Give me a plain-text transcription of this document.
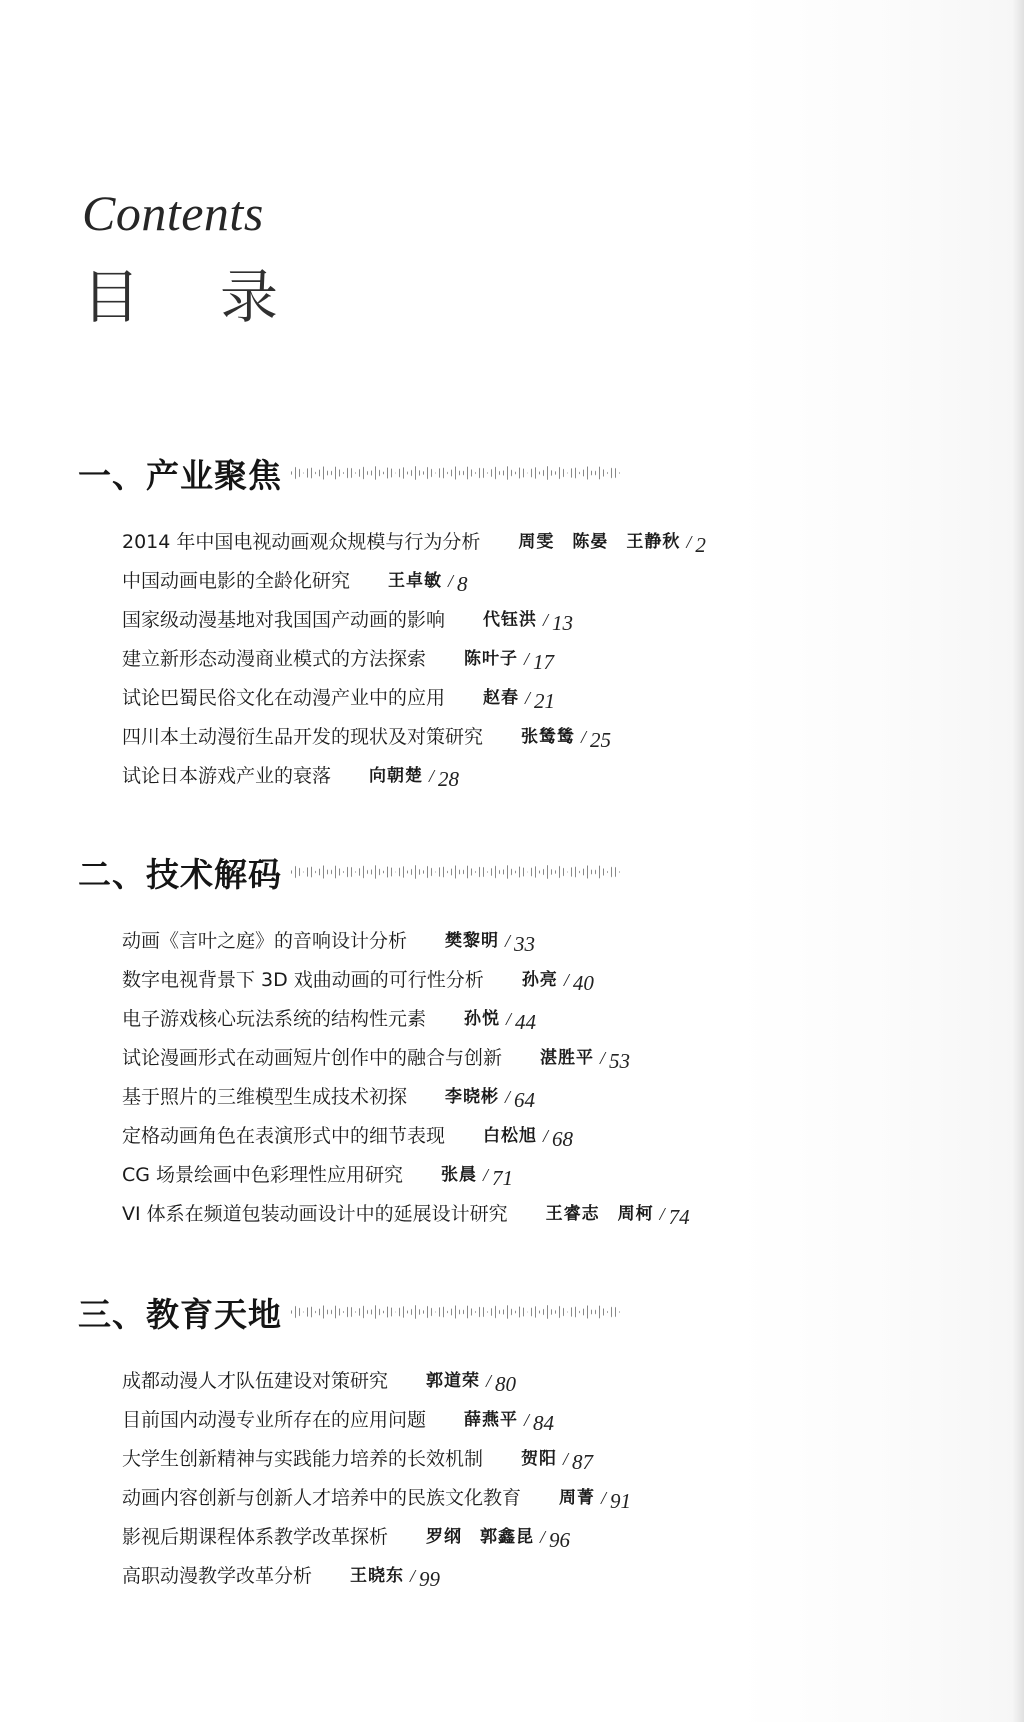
Contents
目 录
一、产业聚焦
2014 年中国电视动画观众规模与行为分析 周雯　陈晏　王静秋 / 2
中国动画电影的全龄化研究 王卓敏 / 8
国家级动漫基地对我国国产动画的影响 代钰洪 / 13
建立新形态动漫商业模式的方法探索 陈叶子 / 17
试论巴蜀民俗文化在动漫产业中的应用 赵春 / 21
四川本土动漫衍生品开发的现状及对策研究 张鸶鸶 / 25
试论日本游戏产业的衰落 向朝楚 / 28
二、技术解码
动画《言叶之庭》的音响设计分析 樊黎明 / 33
数字电视背景下 3D 戏曲动画的可行性分析 孙亮 / 40
电子游戏核心玩法系统的结构性元素 孙悦 / 44
试论漫画形式在动画短片创作中的融合与创新 湛胜平 / 53
基于照片的三维模型生成技术初探 李晓彬 / 64
定格动画角色在表演形式中的细节表现 白松旭 / 68
CG 场景绘画中色彩理性应用研究 张晨 / 71
VI 体系在频道包装动画设计中的延展设计研究 王睿志　周柯 / 74
三、教育天地
成都动漫人才队伍建设对策研究 郭道荣 / 80
目前国内动漫专业所存在的应用问题 薛燕平 / 84
大学生创新精神与实践能力培养的长效机制 贺阳 / 87
动画内容创新与创新人才培养中的民族文化教育 周菁 / 91
影视后期课程体系教学改革探析 罗纲　郭鑫昆 / 96
高职动漫教学改革分析 王晓东 / 99
